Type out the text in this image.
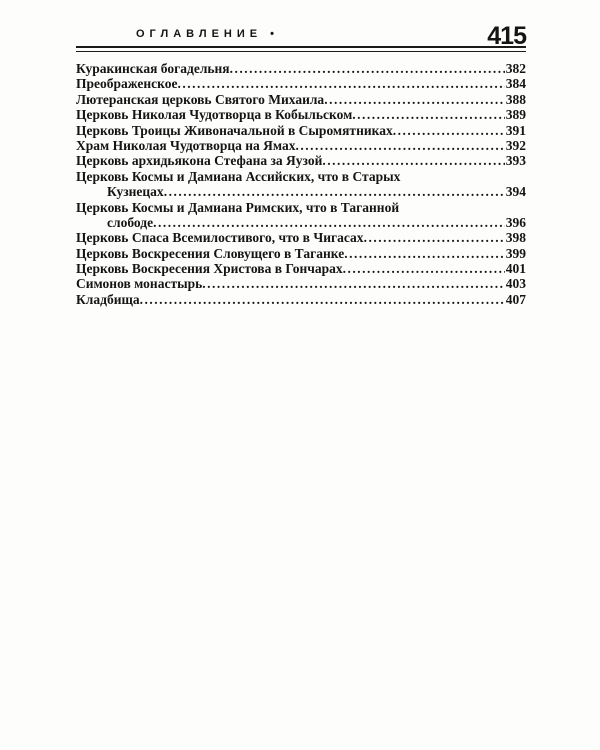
ОГЛАВЛЕНИЕ •	415
Куракинская богадельня .....	382
Преображенское .....	384
Лютеранская церковь Святого Михаила .....	388
Церковь Николая Чудотворца в Кобыльском .....	389
Церковь Троицы Живоначальной в Сыромятниках .....	391
Храм Николая Чудотворца на Ямах .....	392
Церковь архидьякона Стефана за Яузой .....	393
Церковь Космы и Дамиана Ассийских, что в Старых
Кузнецах .....	394
Церковь Космы и Дамиана Римских, что в Таганной
слободе .....	396
Церковь Спаса Всемилостивого, что в Чигасах .....	398
Церковь Воскресения Словущего в Таганке .....	399
Церковь Воскресения Христова в Гончарах .....	401
Симонов монастырь .....	403
Кладбища .....	407
